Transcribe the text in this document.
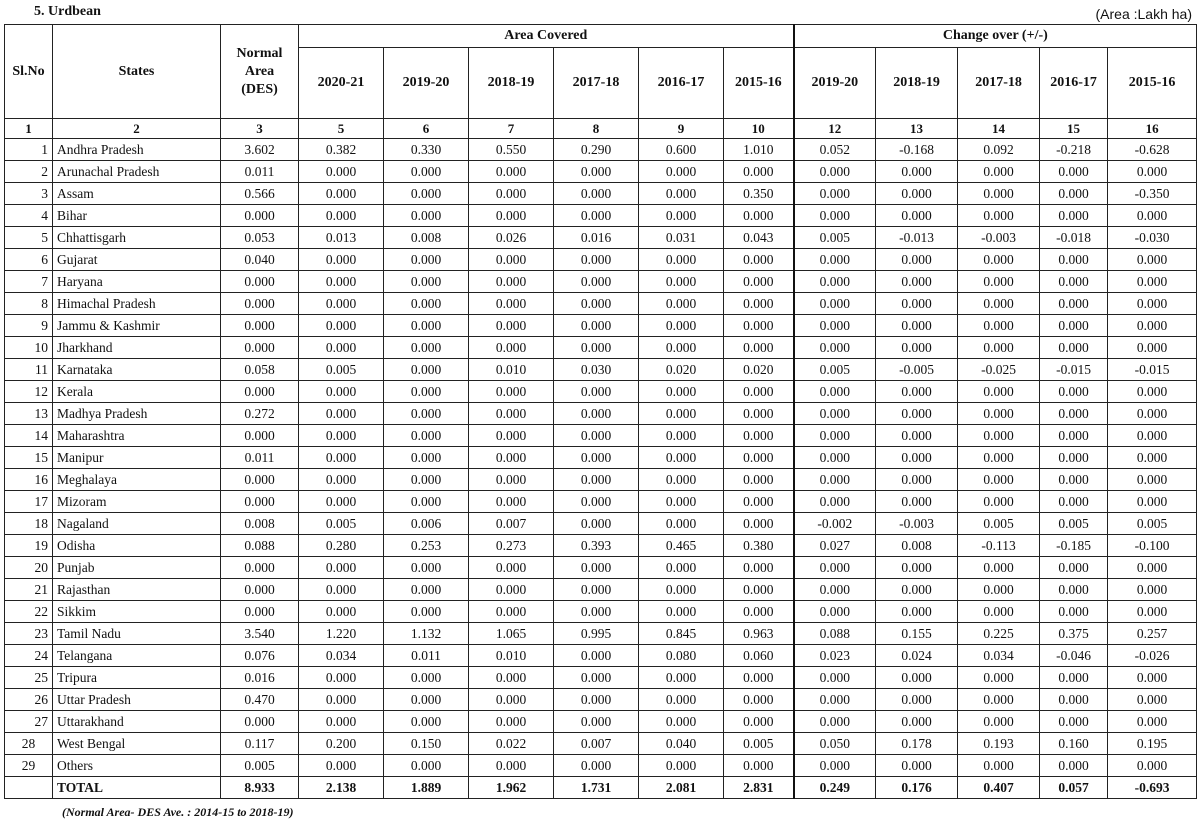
5. Urdbean	(Area :Lakh ha)
Sl.No	States	Normal Area (DES)	Area Covered						Change over (+/-)				
			2020-21	2019-20	2018-19	2017-18	2016-17	2015-16	2019-20	2018-19	2017-18	2016-17	2015-16
1	2	3	5	6	7	8	9	10	12	13	14	15	16
1	Andhra Pradesh	3.602	0.382	0.330	0.550	0.290	0.600	1.010	0.052	-0.168	0.092	-0.218	-0.628
2	Arunachal Pradesh	0.011	0.000	0.000	0.000	0.000	0.000	0.000	0.000	0.000	0.000	0.000	0.000
3	Assam	0.566	0.000	0.000	0.000	0.000	0.000	0.350	0.000	0.000	0.000	0.000	-0.350
4	Bihar	0.000	0.000	0.000	0.000	0.000	0.000	0.000	0.000	0.000	0.000	0.000	0.000
5	Chhattisgarh	0.053	0.013	0.008	0.026	0.016	0.031	0.043	0.005	-0.013	-0.003	-0.018	-0.030
6	Gujarat	0.040	0.000	0.000	0.000	0.000	0.000	0.000	0.000	0.000	0.000	0.000	0.000
7	Haryana	0.000	0.000	0.000	0.000	0.000	0.000	0.000	0.000	0.000	0.000	0.000	0.000
8	Himachal Pradesh	0.000	0.000	0.000	0.000	0.000	0.000	0.000	0.000	0.000	0.000	0.000	0.000
9	Jammu & Kashmir	0.000	0.000	0.000	0.000	0.000	0.000	0.000	0.000	0.000	0.000	0.000	0.000
10	Jharkhand	0.000	0.000	0.000	0.000	0.000	0.000	0.000	0.000	0.000	0.000	0.000	0.000
11	Karnataka	0.058	0.005	0.000	0.010	0.030	0.020	0.020	0.005	-0.005	-0.025	-0.015	-0.015
12	Kerala	0.000	0.000	0.000	0.000	0.000	0.000	0.000	0.000	0.000	0.000	0.000	0.000
13	Madhya Pradesh	0.272	0.000	0.000	0.000	0.000	0.000	0.000	0.000	0.000	0.000	0.000	0.000
14	Maharashtra	0.000	0.000	0.000	0.000	0.000	0.000	0.000	0.000	0.000	0.000	0.000	0.000
15	Manipur	0.011	0.000	0.000	0.000	0.000	0.000	0.000	0.000	0.000	0.000	0.000	0.000
16	Meghalaya	0.000	0.000	0.000	0.000	0.000	0.000	0.000	0.000	0.000	0.000	0.000	0.000
17	Mizoram	0.000	0.000	0.000	0.000	0.000	0.000	0.000	0.000	0.000	0.000	0.000	0.000
18	Nagaland	0.008	0.005	0.006	0.007	0.000	0.000	0.000	-0.002	-0.003	0.005	0.005	0.005
19	Odisha	0.088	0.280	0.253	0.273	0.393	0.465	0.380	0.027	0.008	-0.113	-0.185	-0.100
20	Punjab	0.000	0.000	0.000	0.000	0.000	0.000	0.000	0.000	0.000	0.000	0.000	0.000
21	Rajasthan	0.000	0.000	0.000	0.000	0.000	0.000	0.000	0.000	0.000	0.000	0.000	0.000
22	Sikkim	0.000	0.000	0.000	0.000	0.000	0.000	0.000	0.000	0.000	0.000	0.000	0.000
23	Tamil Nadu	3.540	1.220	1.132	1.065	0.995	0.845	0.963	0.088	0.155	0.225	0.375	0.257
24	Telangana	0.076	0.034	0.011	0.010	0.000	0.080	0.060	0.023	0.024	0.034	-0.046	-0.026
25	Tripura	0.016	0.000	0.000	0.000	0.000	0.000	0.000	0.000	0.000	0.000	0.000	0.000
26	Uttar Pradesh	0.470	0.000	0.000	0.000	0.000	0.000	0.000	0.000	0.000	0.000	0.000	0.000
27	Uttarakhand	0.000	0.000	0.000	0.000	0.000	0.000	0.000	0.000	0.000	0.000	0.000	0.000
28	West Bengal	0.117	0.200	0.150	0.022	0.007	0.040	0.005	0.050	0.178	0.193	0.160	0.195
29	Others	0.005	0.000	0.000	0.000	0.000	0.000	0.000	0.000	0.000	0.000	0.000	0.000
	TOTAL	8.933	2.138	1.889	1.962	1.731	2.081	2.831	0.249	0.176	0.407	0.057	-0.693
(Normal Area- DES Ave. : 2014-15 to 2018-19)
